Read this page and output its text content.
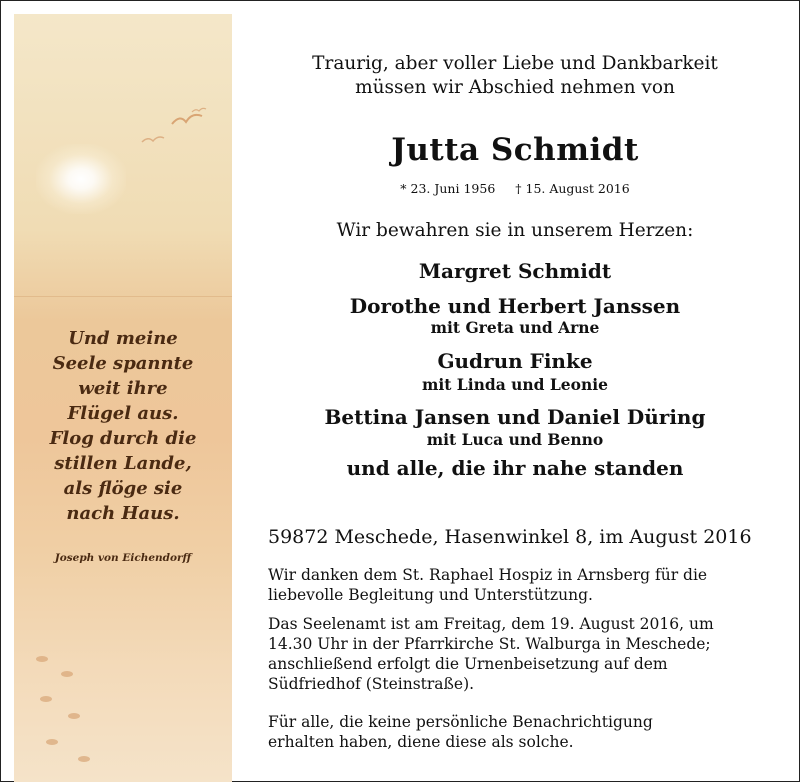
Und meine
Seele spannte
weit ihre
Flügel aus.
Flog durch die
stillen Lande,
als flöge sie
nach Haus.
Joseph von Eichendorff
Traurig, aber voller Liebe und Dankbarkeit
müssen wir Abschied nehmen von
Jutta Schmidt
* 23. Juni 1956 † 15. August 2016
Wir bewahren sie in unserem Herzen:
Margret Schmidt
Dorothe und Herbert Janssen
mit Greta und Arne
Gudrun Finke
mit Linda und Leonie
Bettina Jansen und Daniel Düring
mit Luca und Benno
und alle, die ihr nahe standen
59872 Meschede, Hasenwinkel 8, im August 2016
Wir danken dem St. Raphael Hospiz in Arnsberg für die
liebevolle Begleitung und Unterstützung.
Das Seelenamt ist am Freitag, dem 19. August 2016, um
14.30 Uhr in der Pfarrkirche St. Walburga in Meschede;
anschließend erfolgt die Urnenbeisetzung auf dem
Südfriedhof (Steinstraße).
Für alle, die keine persönliche Benachrichtigung
erhalten haben, diene diese als solche.
